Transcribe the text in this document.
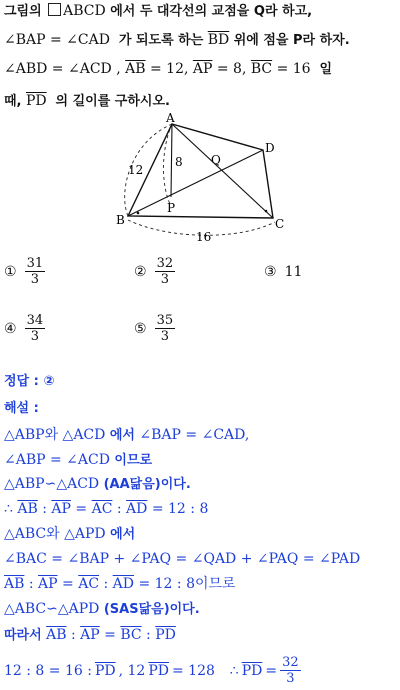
그림의 ABCD 에서 두 대각선의 교점을 Q라 하고,
∠BAP = ∠CAD 가 되도록 하는 $\overline{BD}$ 위에 점을 P라 하자.
∠ABD = ∠ACD , $\overline{AB} = 12$, $\overline{AP} = 8$, $\overline{BC} = 16$ 일
때, $\overline{PD}$ 의 길이를 구하시오.
A
B	C
D
P
Q
12
8
16
① $\frac{31}{3}$	② $\frac{32}{3}$	③ 11
④ $\frac{34}{3}$	⑤ $\frac{35}{3}$
정답 : ②
해설 :
△ABP와 △ACD 에서 ∠BAP = ∠CAD,
∠ABP = ∠ACD 이므로
△ABP∽△ACD (AA닮음)이다.
∴ $\overline{AB}$ : $\overline{AP} = \overline{AC}$ : $\overline{AD} = 12$ : 8
△ABC와 △APD 에서
∠BAC = ∠BAP + ∠PAQ = ∠QAD + ∠PAQ = ∠PAD
$\overline{AB}$ : $\overline{AP} = \overline{AC}$ : $\overline{AD} = 12$ : 8이므로
△ABC∽△APD (SAS닮음)이다.
따라서 $\overline{AB}$ : $\overline{AP} = \overline{BC}$ : $\overline{PD}$
12 : 8 = 16 : $\overline{PD}$ , 12 $\overline{PD} = 128$
∴ $\overline{PD} = \frac{32}{3}$
